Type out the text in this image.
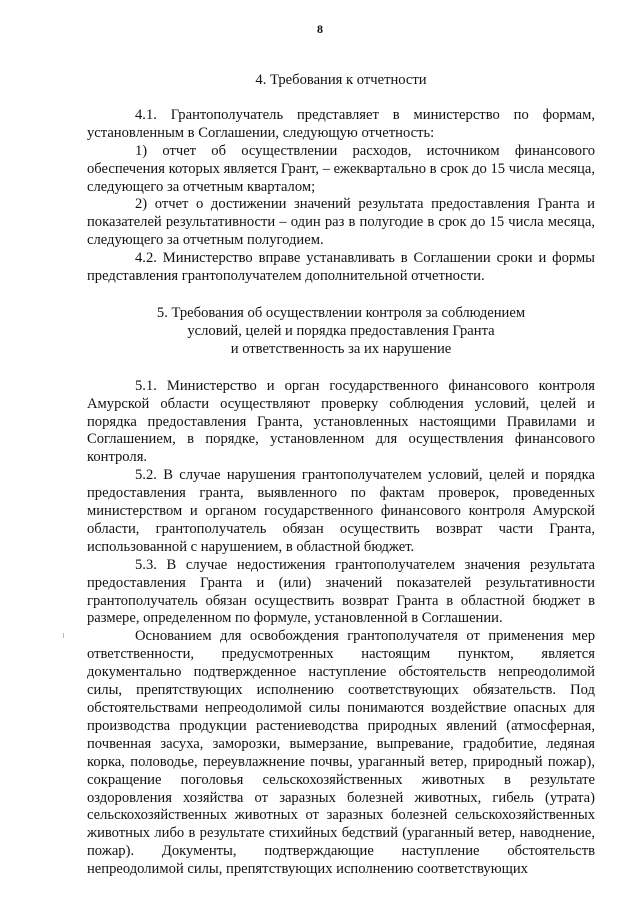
8

4. Требования к отчетности

4.1. Грантополучатель представляет в министерство по формам, установленным в Соглашении, следующую отчетность:

1) отчет об осуществлении расходов, источником финансового обеспечения которых является Грант, – ежеквартально в срок до 15 числа месяца, следующего за отчетным кварталом;

2) отчет о достижении значений результата предоставления Гранта и показателей результативности – один раз в полугодие в срок до 15 числа месяца, следующего за отчетным полугодием.

4.2. Министерство вправе устанавливать в Соглашении сроки и формы представления грантополучателем дополнительной отчетности.

5. Требования об осуществлении контроля за соблюдением

условий, целей и порядка предоставления Гранта

и ответственность за их нарушение

5.1. Министерство и орган государственного финансового контроля Амурской области осуществляют проверку соблюдения условий, целей и порядка предоставления Гранта, установленных настоящими Правилами и Соглашением, в порядке, установленном для осуществления финансового контроля.

5.2. В случае нарушения грантополучателем условий, целей и порядка предоставления гранта, выявленного по фактам проверок, проведенных министерством и органом государственного финансового контроля Амурской области, грантополучатель обязан осуществить возврат части Гранта, использованной с нарушением, в областной бюджет.

5.3. В случае недостижения грантополучателем значения результата предоставления Гранта и (или) значений показателей результативности грантополучатель обязан осуществить возврат Гранта в областной бюджет в размере, определенном по формуле, установленной в Соглашении.

Основанием для освобождения грантополучателя от применения мер ответственности, предусмотренных настоящим пунктом, является документально подтвержденное наступление обстоятельств непреодолимой силы, препятствующих исполнению соответствующих обязательств. Под обстоятельствами непреодолимой силы понимаются воздействие опасных для производства продукции растениеводства природных явлений (атмосферная, почвенная засуха, заморозки, вымерзание, выпревание, градобитие, ледяная корка, половодье, переувлажнение почвы, ураганный ветер, природный пожар), сокращение поголовья сельскохозяйственных животных в результате оздоровления хозяйства от заразных болезней животных, гибель (утрата) сельскохозяйственных животных от заразных болезней сельскохозяйственных животных либо в результате стихийных бедствий (ураганный ветер, наводнение, пожар). Документы, подтверждающие наступление обстоятельств непреодолимой силы, препятствующих исполнению соответствующих
